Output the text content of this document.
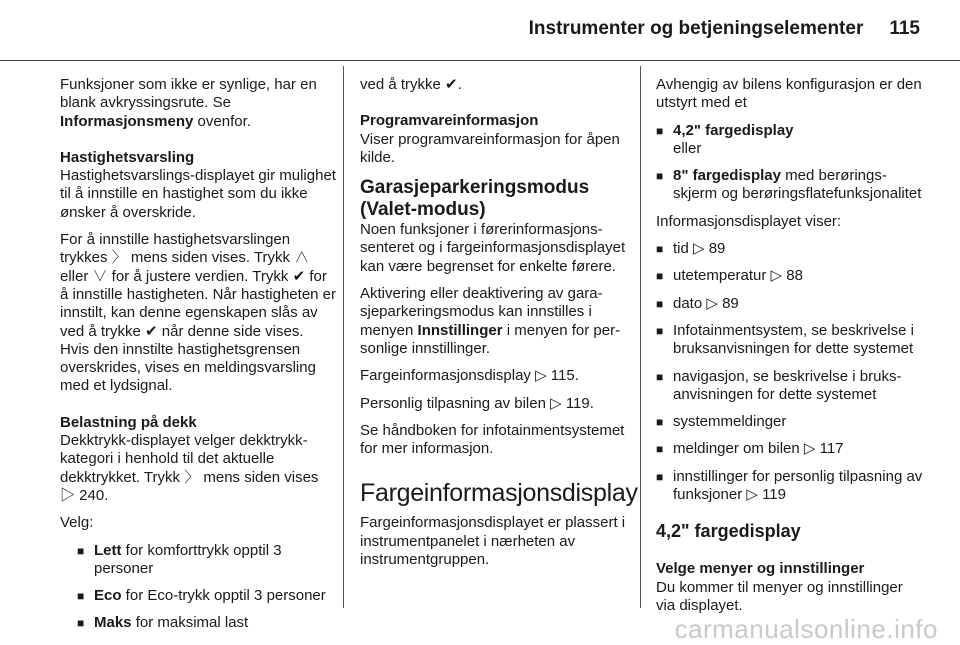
Instrumenter og betjeningselementer 115

Funksjoner som ikke er synlige, har en blank avkryssingsrute. Se Informasjonsmeny ovenfor.

Hastighetsvarsling

Hastighetsvarslings-displayet gir mulighet til å innstille en hastighet som du ikke ønsker å overskride.

For å innstille hastighetsvarslingen trykkes 〉 mens siden vises. Trykk ∧ eller ∨ for å justere verdien. Trykk ✔ for å innstille hastigheten. Når hastigheten er innstilt, kan denne egenskapen slås av ved å trykke ✔ når denne side vises. Hvis den innstilte hastighetsgrensen overskrides, vises en meldingsvarsling med et lydsignal.

Belastning på dekk

Dekktrykk-displayet velger dekktrykkkategori i henhold til det aktuelle dekktrykket. Trykk 〉 mens siden vises ▷ 240.

Velg:

■ Lett for komforttrykk opptil 3 personer
■ Eco for Eco-trykk opptil 3 personer
■ Maks for maksimal last

ved å trykke ✔.

Programvareinformasjon

Viser programvareinformasjon for åpen kilde.

Garasjeparkeringsmodus (Valet-modus)

Noen funksjoner i førerinformasjonssenteret og i fargeinformasjonsdisplayet kan være begrenset for enkelte førere.

Aktivering eller deaktivering av garasjeparkeringsmodus kan innstilles i menyen Innstillinger i menyen for personlige innstillinger.

Fargeinformasjonsdisplay ▷ 115.

Personlig tilpasning av bilen ▷ 119.

Se håndboken for infotainmentsystemet for mer informasjon.

Fargeinformasjonsdisplay

Fargeinformasjonsdisplayet er plassert i instrumentpanelet i nærheten av instrumentgruppen.

Avhengig av bilens konfigurasjon er den utstyrt med et

■ 4,2" fargedisplay
eller
■ 8" fargedisplay med berøringsskjerm og berøringsflatefunksjonalitet

Informasjonsdisplayet viser:

■ tid ▷ 89
■ utetemperatur ▷ 88
■ dato ▷ 89
■ Infotainmentsystem, se beskrivelse i bruksanvisningen for dette systemet
■ navigasjon, se beskrivelse i bruksanvisningen for dette systemet
■ systemmeldinger
■ meldinger om bilen ▷ 117
■ innstillinger for personlig tilpasning av funksjoner ▷ 119
4,2" fargedisplay
Velge menyer og innstillinger

Du kommer til menyer og innstillinger via displayet.

carmanualsonline.info
